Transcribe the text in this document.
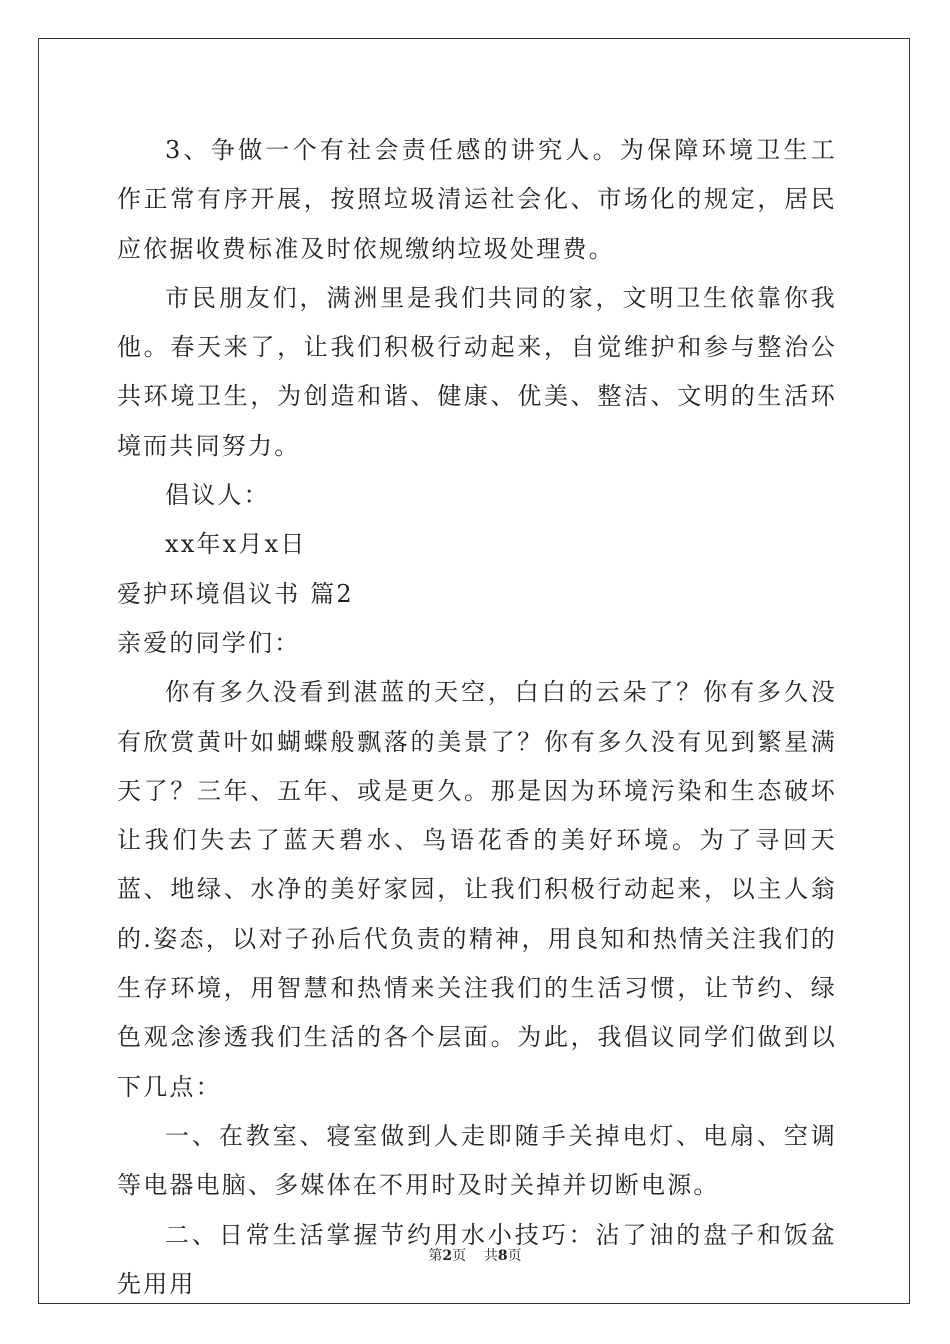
3、争做一个有社会责任感的讲究人。为保障环境卫生工作正常有序开展，按照垃圾清运社会化、市场化的规定，居民应依据收费标准及时依规缴纳垃圾处理费。

市民朋友们，满洲里是我们共同的家，文明卫生依靠你我他。春天来了，让我们积极行动起来，自觉维护和参与整治公共环境卫生，为创造和谐、健康、优美、整洁、文明的生活环境而共同努力。

倡议人：

xx年x月x日

爱护环境倡议书 篇2

亲爱的同学们：

你有多久没看到湛蓝的天空，白白的云朵了？你有多久没有欣赏黄叶如蝴蝶般飘落的美景了？你有多久没有见到繁星满天了？三年、五年、或是更久。那是因为环境污染和生态破坏让我们失去了蓝天碧水、鸟语花香的美好环境。为了寻回天蓝、地绿、水净的美好家园，让我们积极行动起来，以主人翁的.姿态，以对子孙后代负责的精神，用良知和热情关注我们的生存环境，用智慧和热情来关注我们的生活习惯，让节约、绿色观念渗透我们生活的各个层面。为此，我倡议同学们做到以下几点：

一、在教室、寝室做到人走即随手关掉电灯、电扇、空调等电器电脑、多媒体在不用时及时关掉并切断电源。

二、日常生活掌握节约用水小技巧：沾了油的盘子和饭盆先用用

第2页 共8页
